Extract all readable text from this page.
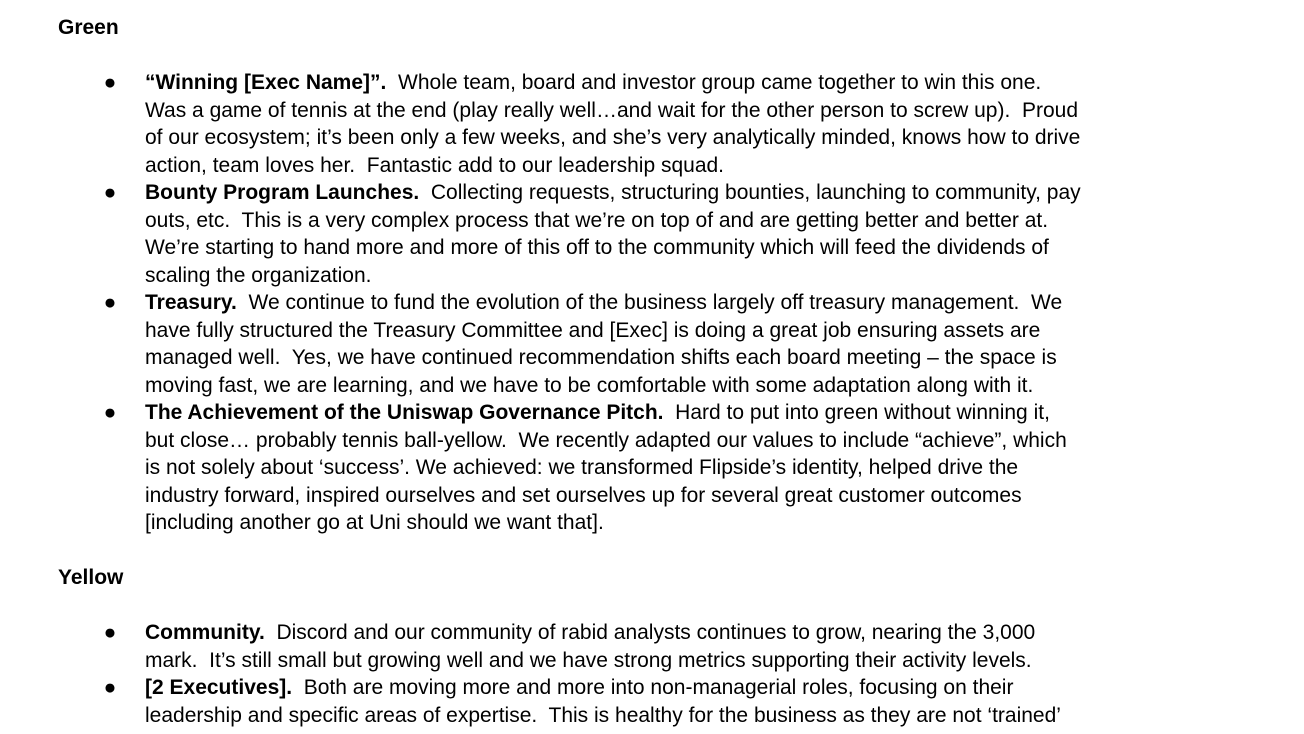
Green
● “Winning [Exec Name]”.  Whole team, board and investor group came together to win this one.
Was a game of tennis at the end (play really well…and wait for the other person to screw up).  Proud
of our ecosystem; it’s been only a few weeks, and she’s very analytically minded, knows how to drive
action, team loves her.  Fantastic add to our leadership squad.
● Bounty Program Launches.  Collecting requests, structuring bounties, launching to community, pay
outs, etc.  This is a very complex process that we’re on top of and are getting better and better at.
We’re starting to hand more and more of this off to the community which will feed the dividends of
scaling the organization.
● Treasury.  We continue to fund the evolution of the business largely off treasury management.  We
have fully structured the Treasury Committee and [Exec] is doing a great job ensuring assets are
managed well.  Yes, we have continued recommendation shifts each board meeting – the space is
moving fast, we are learning, and we have to be comfortable with some adaptation along with it.
● The Achievement of the Uniswap Governance Pitch.  Hard to put into green without winning it,
but close… probably tennis ball-yellow.  We recently adapted our values to include “achieve”, which
is not solely about ‘success’. We achieved: we transformed Flipside’s identity, helped drive the
industry forward, inspired ourselves and set ourselves up for several great customer outcomes
[including another go at Uni should we want that].
Yellow
● Community.  Discord and our community of rabid analysts continues to grow, nearing the 3,000
mark.  It’s still small but growing well and we have strong metrics supporting their activity levels.
● [2 Executives].  Both are moving more and more into non-managerial roles, focusing on their
leadership and specific areas of expertise.  This is healthy for the business as they are not ‘trained’
